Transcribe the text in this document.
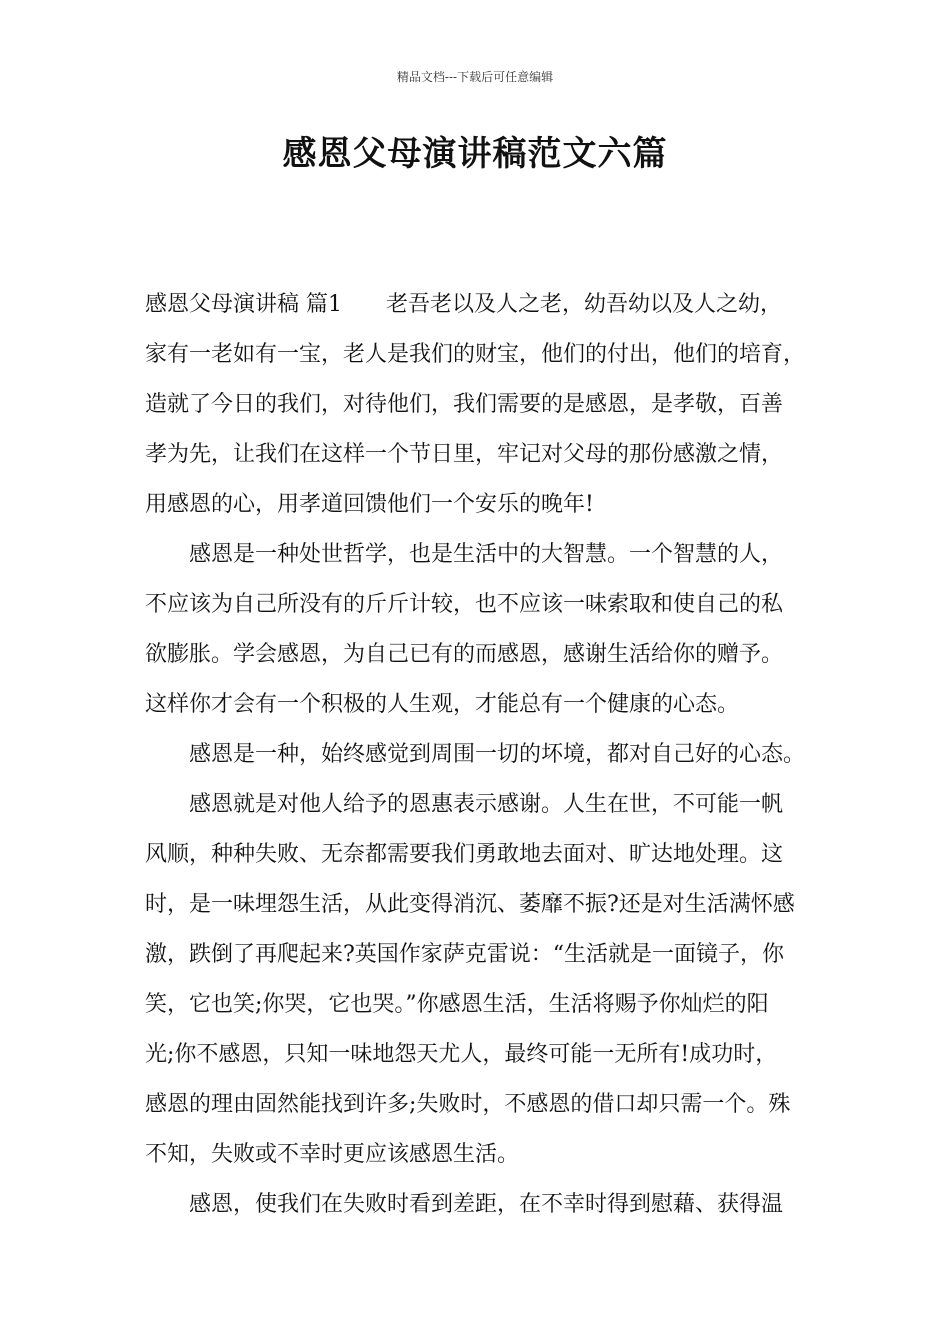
精品文档---下载后可任意编辑
感恩父母演讲稿范文六篇
感恩父母演讲稿 篇1 老吾老以及人之老，幼吾幼以及人之幼，
家有一老如有一宝，老人是我们的财宝，他们的付出，他们的培育，
造就了今日的我们，对待他们，我们需要的是感恩，是孝敬，百善
孝为先，让我们在这样一个节日里，牢记对父母的那份感激之情，
用感恩的心，用孝道回馈他们一个安乐的晚年!
感恩是一种处世哲学，也是生活中的大智慧。一个智慧的人，
不应该为自己所没有的斤斤计较，也不应该一味索取和使自己的私
欲膨胀。学会感恩，为自己已有的而感恩，感谢生活给你的赠予。
这样你才会有一个积极的人生观，才能总有一个健康的心态。
感恩是一种，始终感觉到周围一切的坏境，都对自己好的心态。
感恩就是对他人给予的恩惠表示感谢。人生在世，不可能一帆
风顺，种种失败、无奈都需要我们勇敢地去面对、旷达地处理。这
时，是一味埋怨生活，从此变得消沉、萎靡不振?还是对生活满怀感
激，跌倒了再爬起来?英国作家萨克雷说：“生活就是一面镜子，你
笑，它也笑;你哭，它也哭。”你感恩生活，生活将赐予你灿烂的阳
光;你不感恩，只知一味地怨天尤人，最终可能一无所有!成功时，
感恩的理由固然能找到许多;失败时，不感恩的借口却只需一个。殊
不知，失败或不幸时更应该感恩生活。
感恩，使我们在失败时看到差距，在不幸时得到慰藉、获得温
